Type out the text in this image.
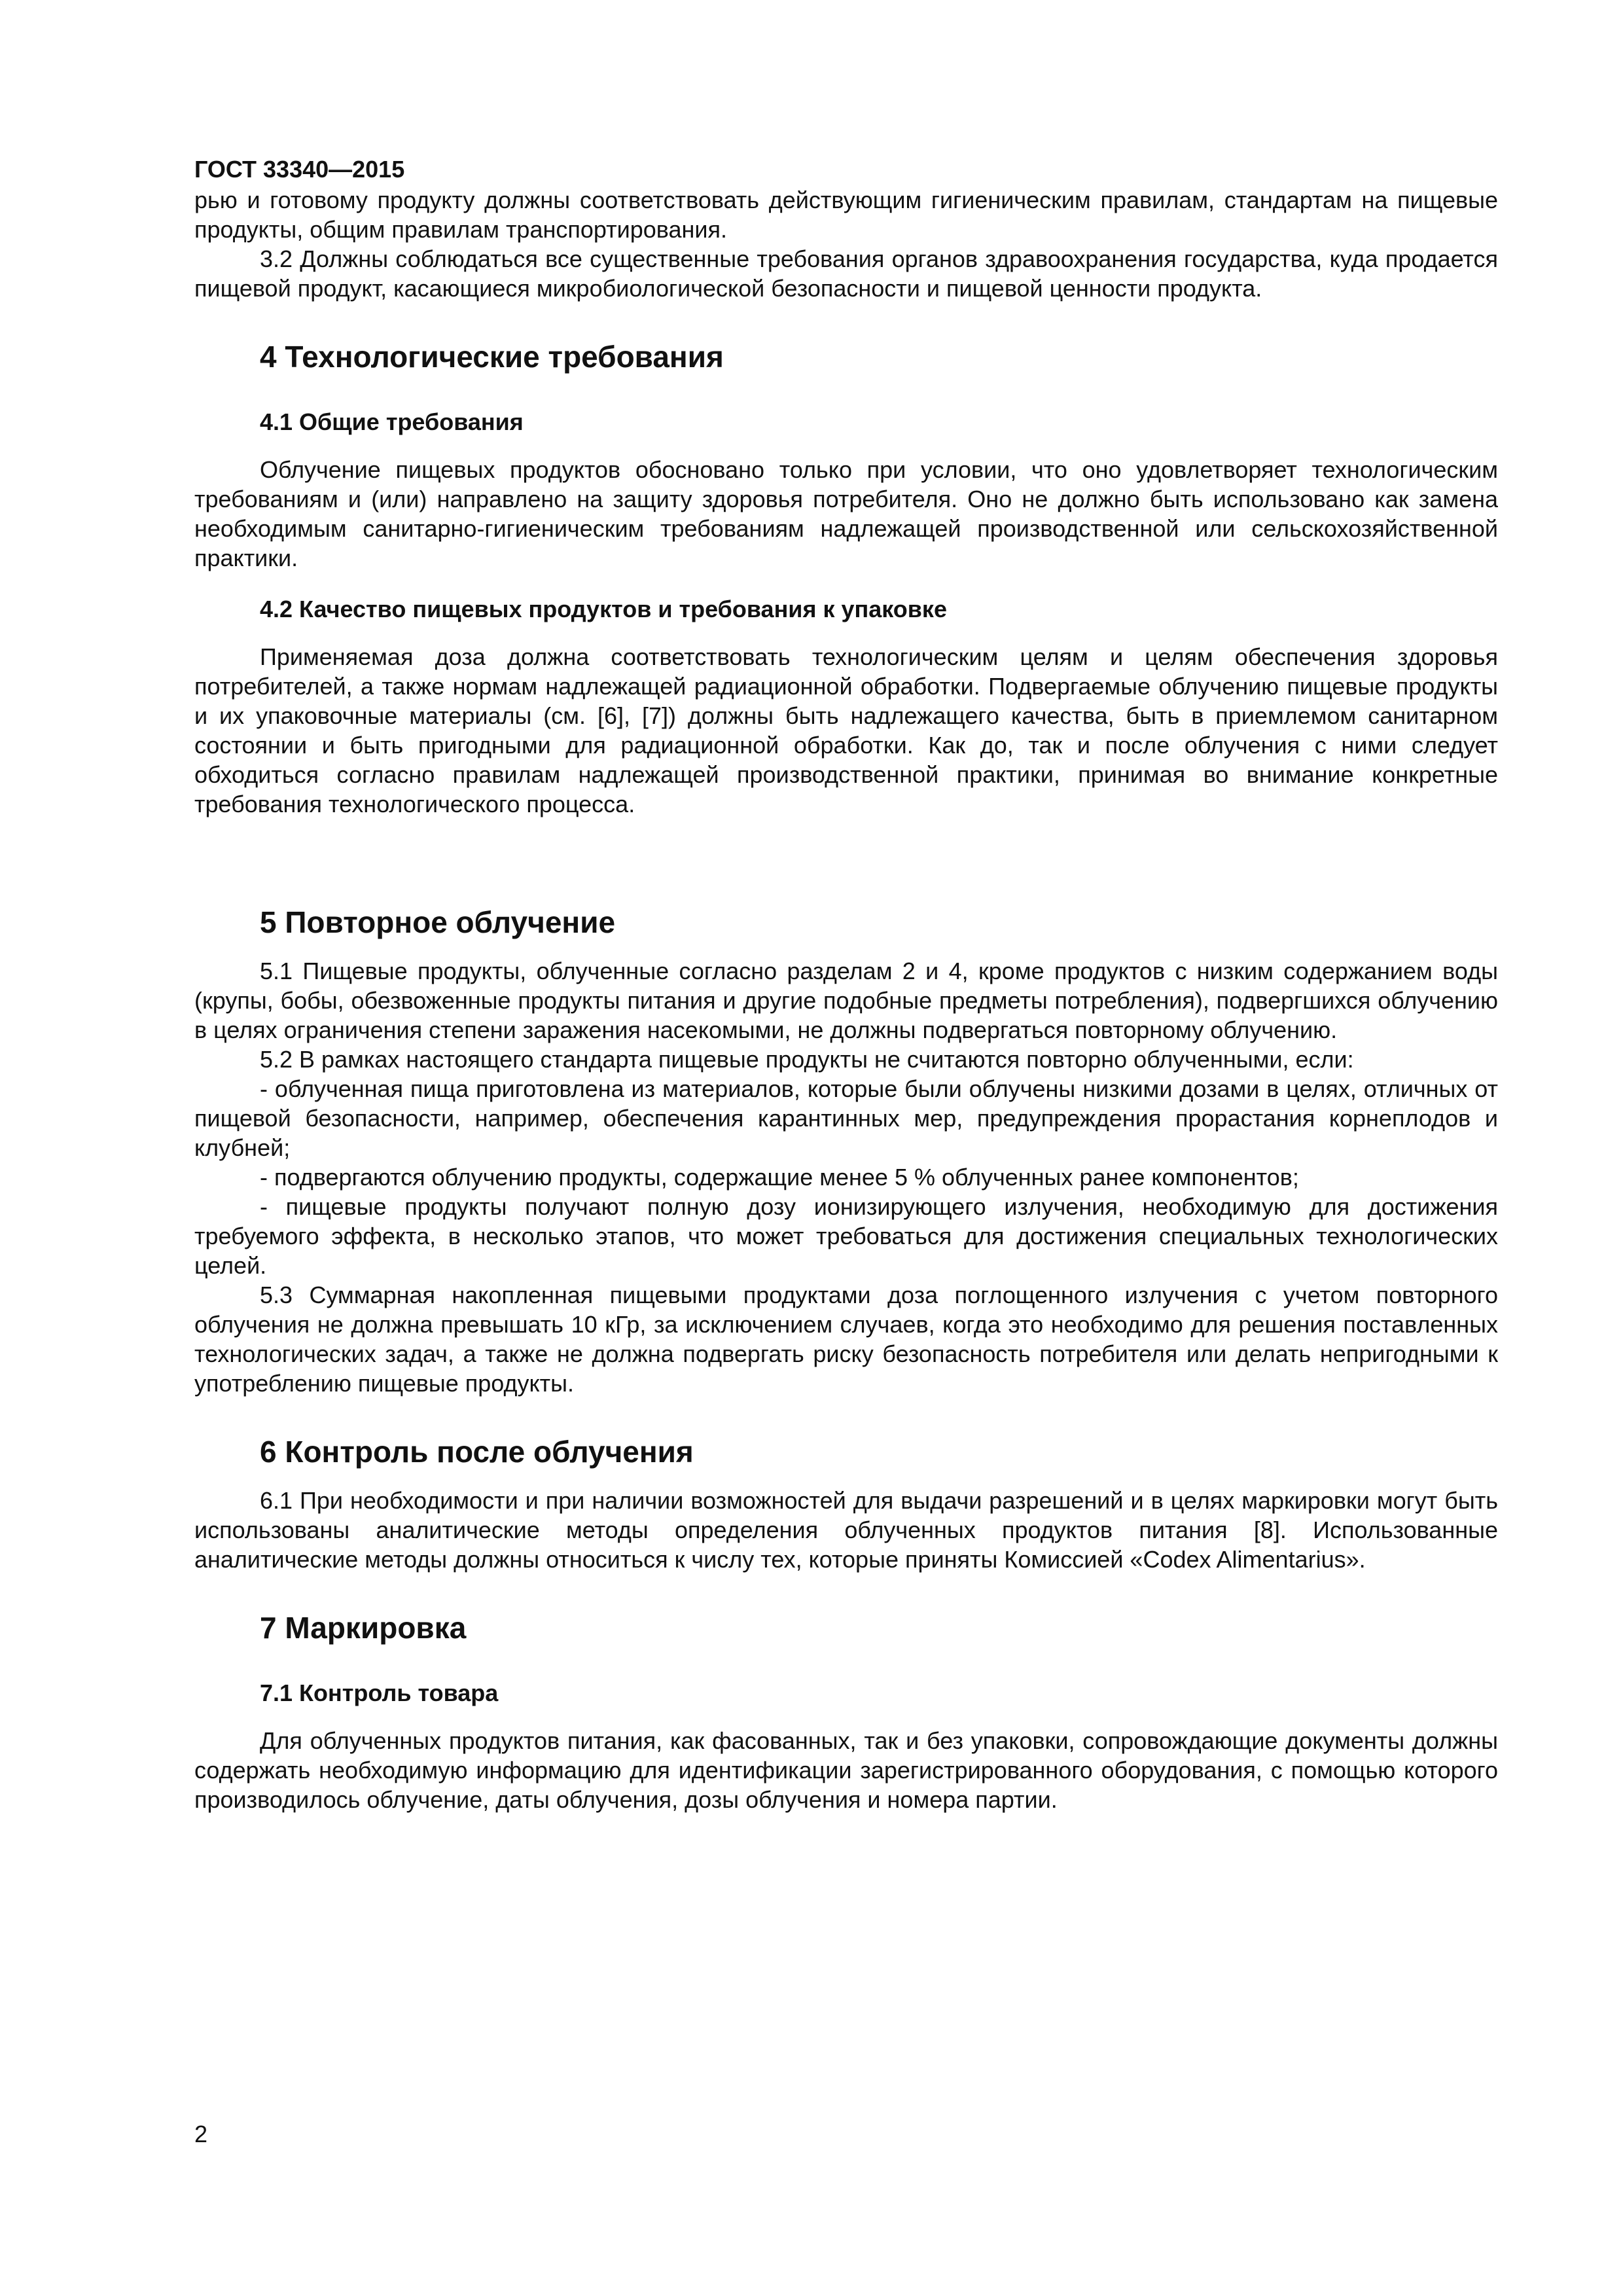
ГОСТ 33340—2015

рью и готовому продукту должны соответствовать действующим гигиеническим правилам, стандартам на пищевые продукты, общим правилам транспортирования.

3.2 Должны соблюдаться все существенные требования органов здравоохранения государства, куда продается пищевой продукт, касающиеся микробиологической безопасности и пищевой ценности продукта.

4 Технологические требования
4.1 Общие требования

Облучение пищевых продуктов обосновано только при условии, что оно удовлетворяет технологическим требованиям и (или) направлено на защиту здоровья потребителя. Оно не должно быть использовано как замена необходимым санитарно-гигиеническим требованиям надлежащей производственной или сельскохозяйственной практики.

4.2 Качество пищевых продуктов и требования к упаковке

Применяемая доза должна соответствовать технологическим целям и целям обеспечения здоровья потребителей, а также нормам надлежащей радиационной обработки. Подвергаемые облучению пищевые продукты и их упаковочные материалы (см. [6], [7]) должны быть надлежащего качества, быть в приемлемом санитарном состоянии и быть пригодными для радиационной обработки. Как до, так и после облучения с ними следует обходиться согласно правилам надлежащей производственной практики, принимая во внимание конкретные требования технологического процесса.

5 Повторное облучение

5.1 Пищевые продукты, облученные согласно разделам 2 и 4, кроме продуктов с низким содержанием воды (крупы, бобы, обезвоженные продукты питания и другие подобные предметы потребления), подвергшихся облучению в целях ограничения степени заражения насекомыми, не должны подвергаться повторному облучению.

5.2 В рамках настоящего стандарта пищевые продукты не считаются повторно облученными, если:

- облученная пища приготовлена из материалов, которые были облучены низкими дозами в целях, отличных от пищевой безопасности, например, обеспечения карантинных мер, предупреждения прорастания корнеплодов и клубней;

- подвергаются облучению продукты, содержащие менее 5 % облученных ранее компонентов;

- пищевые продукты получают полную дозу ионизирующего излучения, необходимую для достижения требуемого эффекта, в несколько этапов, что может требоваться для достижения специальных технологических целей.

5.3 Суммарная накопленная пищевыми продуктами доза поглощенного излучения с учетом повторного облучения не должна превышать 10 кГр, за исключением случаев, когда это необходимо для решения поставленных технологических задач, а также не должна подвергать риску безопасность потребителя или делать непригодными к употреблению пищевые продукты.

6 Контроль после облучения

6.1 При необходимости и при наличии возможностей для выдачи разрешений и в целях маркировки могут быть использованы аналитические методы определения облученных продуктов питания [8]. Использованные аналитические методы должны относиться к числу тех, которые приняты Комиссией «Codex Alimentarius».

7 Маркировка
7.1 Контроль товара

Для облученных продуктов питания, как фасованных, так и без упаковки, сопровождающие документы должны содержать необходимую информацию для идентификации зарегистрированного оборудования, с помощью которого производилось облучение, даты облучения, дозы облучения и номера партии.

2
